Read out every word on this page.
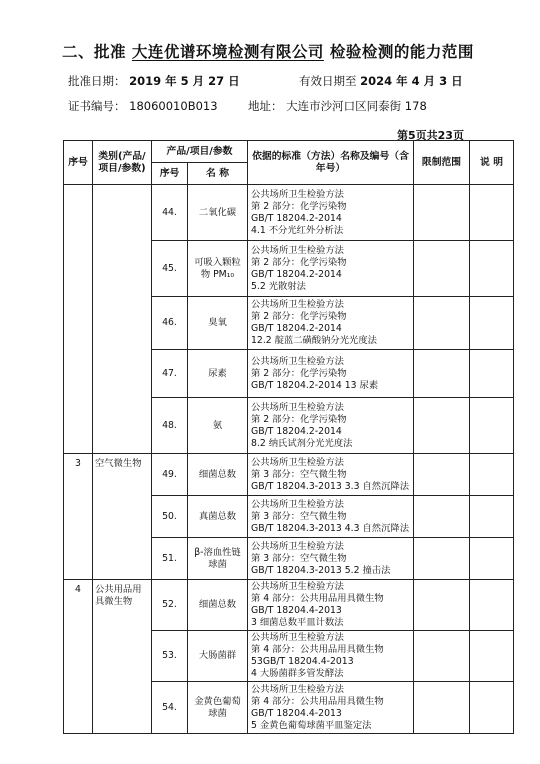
二、批准 大连优谱环境检测有限公司 检验检测的能力范围
批准日期： 2019 年 5 月 27 日	有效日期至 2024 年 4 月 3 日
证书编号： 18060010B013	地址： 大连市沙河口区同泰街 178
第5页共23页
序号	类别(产品/项目/参数)	产品/项目/参数		依据的标准（方法）名称及编号（含年号）	限制范围	说 明
		序号	名 称			
		44.	二氧化碳	公共场所卫生检验方法
第 2 部分：化学污染物
GB/T 18204.2-2014
4.1 不分光红外分析法		

		45.	可吸入颗粒物 PM₁₀	公共场所卫生检验方法
第 2 部分：化学污染物
GB/T 18204.2-2014
5.2 光散射法		

		46.	臭氧	公共场所卫生检验方法
第 2 部分：化学污染物
GB/T 18204.2-2014
12.2 靛蓝二磺酸钠分光光度法		

		47.	尿素	公共场所卫生检验方法
第 2 部分：化学污染物
GB/T 18204.2-2014 13 尿素		

		48.	氨	公共场所卫生检验方法
第 2 部分：化学污染物
GB/T 18204.2-2014
8.2 纳氏试剂分光光度法		

3	空气微生物	49.	细菌总数	公共场所卫生检验方法
第 3 部分：空气微生物
GB/T 18204.3-2013 3.3 自然沉降法		

		50.	真菌总数	公共场所卫生检验方法
第 3 部分：空气微生物
GB/T 18204.3-2013 4.3 自然沉降法		

		51.	β-溶血性链球菌	公共场所卫生检验方法
第 3 部分：空气微生物
GB/T 18204.3-2013 5.2 撞击法		

4	公共用品用具微生物	52.	细菌总数	公共场所卫生检验方法
第 4 部分：公共用品用具微生物
GB/T 18204.4-2013
3 细菌总数平皿计数法		

		53.	大肠菌群	公共场所卫生检验方法
第 4 部分：公共用品用具微生物
53GB/T 18204.4-2013
4 大肠菌群多管发酵法		

		54.	金黄色葡萄球菌	公共场所卫生检验方法
第 4 部分：公共用品用具微生物
GB/T 18204.4-2013
5 金黄色葡萄球菌平皿鉴定法		
